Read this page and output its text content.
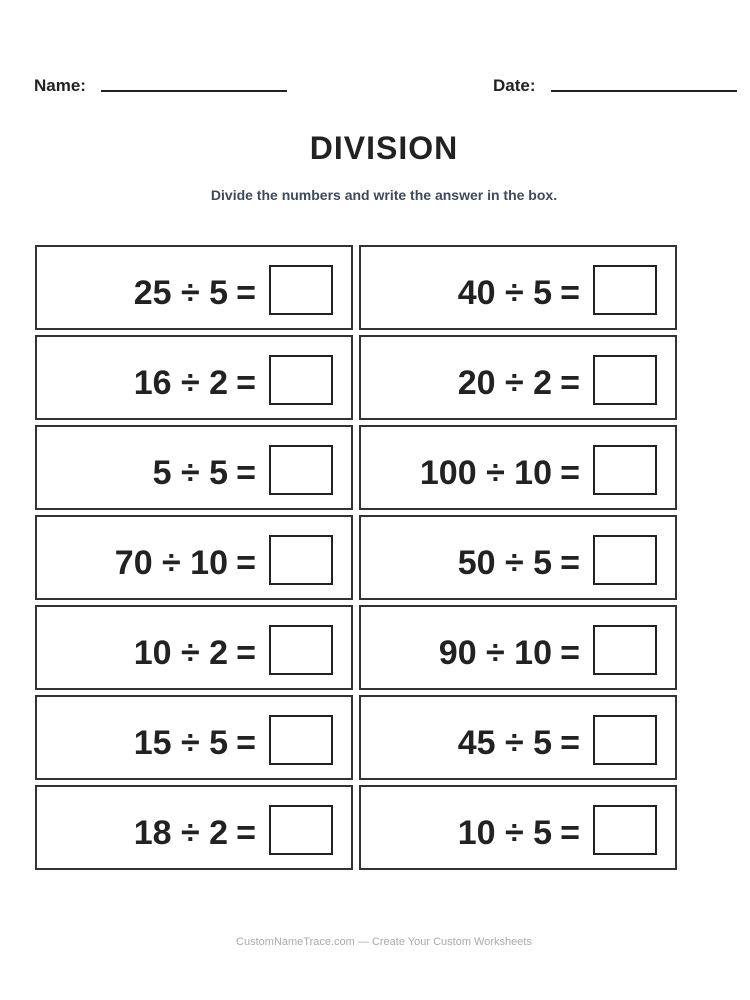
Name:	Date:
DIVISION
Divide the numbers and write the answer in the box.
25 ÷ 5 =	40 ÷ 5 =
16 ÷ 2 =	20 ÷ 2 =
5 ÷ 5 =	100 ÷ 10 =
70 ÷ 10 =	50 ÷ 5 =
10 ÷ 2 =	90 ÷ 10 =
15 ÷ 5 =	45 ÷ 5 =
18 ÷ 2 =	10 ÷ 5 =
CustomNameTrace.com — Create Your Custom Worksheets
